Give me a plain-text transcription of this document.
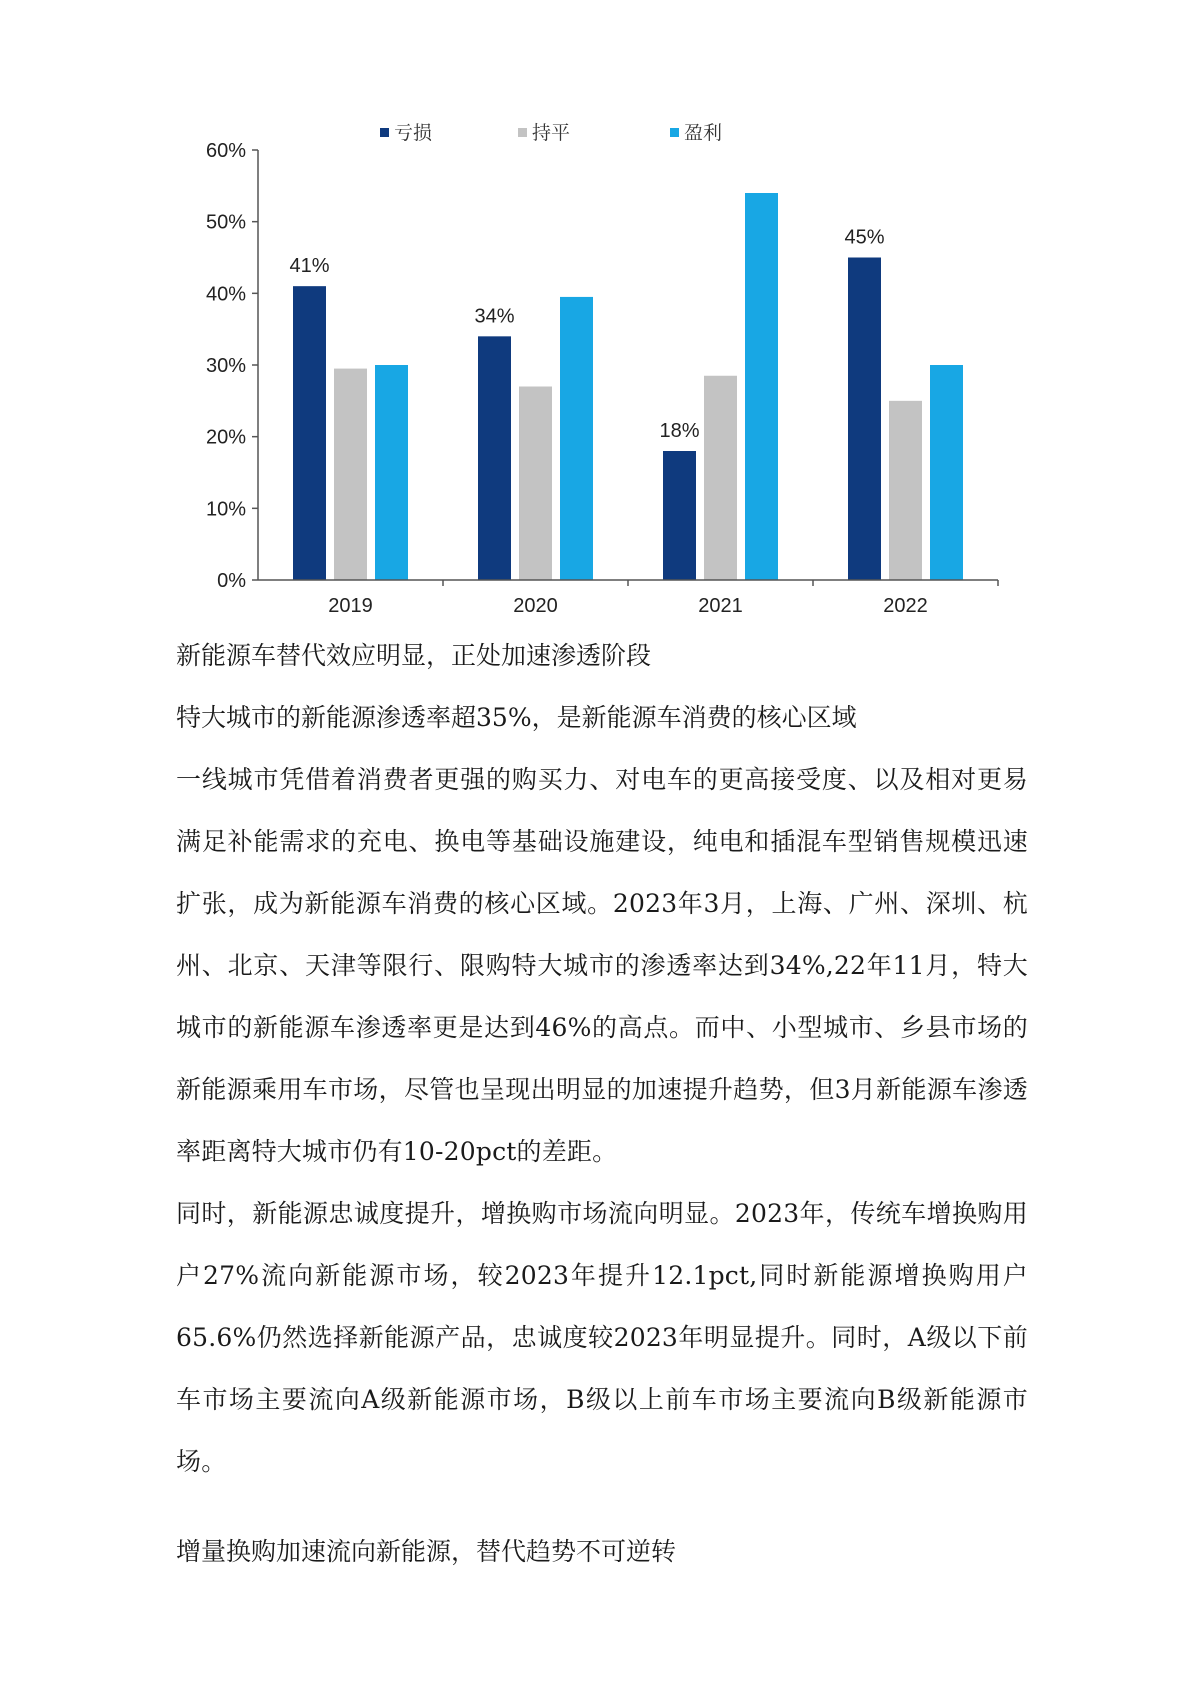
亏损	持平	盈利
0%
10%
20%
30%
40%
50%
60%
41%
34%
18%
45%
2019	2020	2021	2022

新能源车替代效应明显，正处加速渗透阶段

特大城市的新能源渗透率超35%，是新能源车消费的核心区域

一线城市凭借着消费者更强的购买力、对电车的更高接受度、以及相对更易满足补能需求的充电、换电等基础设施建设，纯电和插混车型销售规模迅速扩张，成为新能源车消费的核心区域。2023年3月，上海、广州、深圳、杭州、北京、天津等限行、限购特大城市的渗透率达到34%,22年11月，特大城市的新能源车渗透率更是达到46%的高点。而中、小型城市、乡县市场的新能源乘用车市场，尽管也呈现出明显的加速提升趋势，但3月新能源车渗透率距离特大城市仍有10-20pct的差距。

同时，新能源忠诚度提升，增换购市场流向明显。2023年，传统车增换购用户27%流向新能源市场，较2023年提升12.1pct,同时新能源增换购用户65.6%仍然选择新能源产品，忠诚度较2023年明显提升。同时，A级以下前车市场主要流向A级新能源市场，B级以上前车市场主要流向B级新能源市场。

增量换购加速流向新能源，替代趋势不可逆转
